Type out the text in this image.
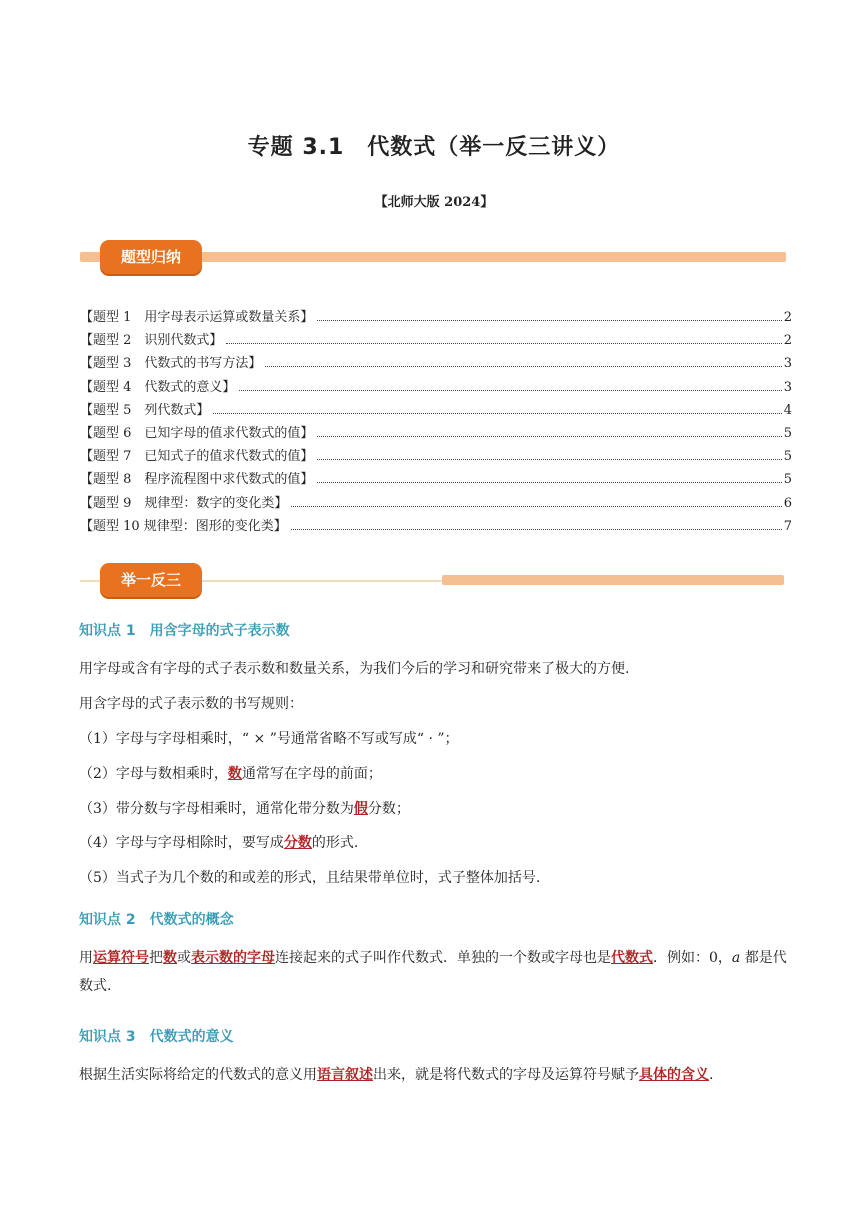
专题 3.1　代数式（举一反三讲义）
【北师大版 2024】
题型归纳
【题型 1　用字母表示运算或数量关系】	2
【题型 2　识别代数式】	2
【题型 3　代数式的书写方法】	3
【题型 4　代数式的意义】	3
【题型 5　列代数式】	4
【题型 6　已知字母的值求代数式的值】	5
【题型 7　已知式子的值求代数式的值】	5
【题型 8　程序流程图中求代数式的值】	5
【题型 9　规律型：数字的变化类】	6
【题型 10 规律型：图形的变化类】	7
举一反三
知识点 1　用含字母的式子表示数
用字母或含有字母的式子表示数和数量关系，为我们今后的学习和研究带来了极大的方便.
用含字母的式子表示数的书写规则：
（1）字母与字母相乘时，“ × ”号通常省略不写或写成“ · ”；
（2）字母与数相乘时，数通常写在字母的前面；
（3）带分数与字母相乘时，通常化带分数为假分数；
（4）字母与字母相除时，要写成分数的形式.
（5）当式子为几个数的和或差的形式，且结果带单位时，式子整体加括号.
知识点 2　代数式的概念
用运算符号把数或表示数的字母连接起来的式子叫作代数式．单独的一个数或字母也是代数式．例如：0，a 都是代数式.
知识点 3　代数式的意义
根据生活实际将给定的代数式的意义用语言叙述出来，就是将代数式的字母及运算符号赋予具体的含义.
